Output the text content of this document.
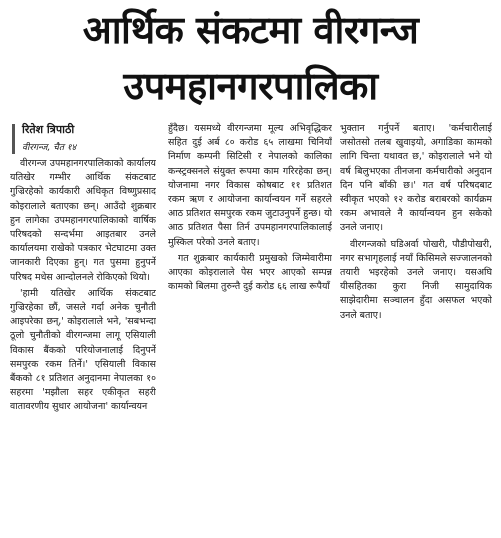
आर्थिक संकटमा वीरगन्ज
उपमहानगरपालिका
रितेश त्रिपाठी
वीरगन्ज, चैत १४

वीरगन्ज उपमहानगरपालिकाको कार्यालय यतिखेर गम्भीर आर्थिक संकटबाट गुज्रिरहेको कार्यकारी अधिकृत विष्णुप्रसाद कोइरालाले बताएका छन्। आउँदो शुक्रबार हुन लागेका उपमहानगरपालिकाको वार्षिक परिषदको सन्दर्भमा आइतबार उनले कार्यालयमा राखेको पत्रकार भेटघाटमा उक्त जानकारी दिएका हुन्। गत पुसमा हुनुपर्ने परिषद मधेस आन्दोलनले रोकिएको थियो।

'हामी यतिखेर आर्थिक संकटबाट गुज्रिरहेका छौं, जसले गर्दा अनेक चुनौती आइपरेका छन्,' कोइरालाले भने, 'सबभन्दा ठूलो चुनौतीको वीरगन्जमा लागू एसियाली विकास बैंकको परियोजनालाई दिनुपर्ने समपुरक रकम तिर्ने।' एसियाली विकास बैंकको ८१ प्रतिशत अनुदानमा नेपालका १० सहरमा 'मझौला सहर एकीकृत सहरी वातावरणीय सुधार आयोजना' कार्यान्वयन

हुँदैछ। यसमध्ये वीरगन्जमा मूल्य अभिवृद्धिकर सहित दुई अर्ब ८० करोड ६५ लाखमा चिनियाँ निर्माण कम्पनी सिटिसी र नेपालको कालिका कन्स्ट्रक्सनले संयुक्त रूपमा काम गरिरहेका छन्। योजनामा नगर विकास कोषबाट ११ प्रतिशत रकम ऋण र आयोजना कार्यान्वयन गर्ने सहरले आठ प्रतिशत समपुरक रकम जुटाउनुपर्ने हुन्छ। यो आठ प्रतिशत पैसा तिर्न उपमहानगरपालिकालाई मुस्किल परेको उनले बताए।

गत शुक्रबार कार्यकारी प्रमुखको जिम्मेवारीमा आएका कोइरालाले पेस भएर आएको सम्पन्न कामको बिलमा तुरुन्तै दुई करोड ६६ लाख रूपैयाँ

भुक्तान गर्नुपर्ने बताए। 'कर्मचारीलाई जसोतसो तलब खुवाइयो, अगाडिका कामको लागि चिन्ता यथावत छ,' कोइरालाले भने यो वर्ष बिलुभएका तीनजना कर्मचारीको अनुदान दिन पनि बाँकी छ।' गत वर्ष परिषदबाट स्वीकृत भएको १२ करोड बराबरको कार्यक्रम रकम अभावले नै कार्यान्वयन हुन सकेको उनले जनाए।

वीरगन्जको घडिअर्वा पोखरी, पौडीपोखरी, नगर सभागृहलाई नयाँ किसिमले सज्जालनको तयारी भइरहेको उनले जनाए। यसअघि यीसहितका कुरा निजी सामुदायिक साझेदारीमा सञ्चालन हुँदा असफल भएको उनले बताए।
